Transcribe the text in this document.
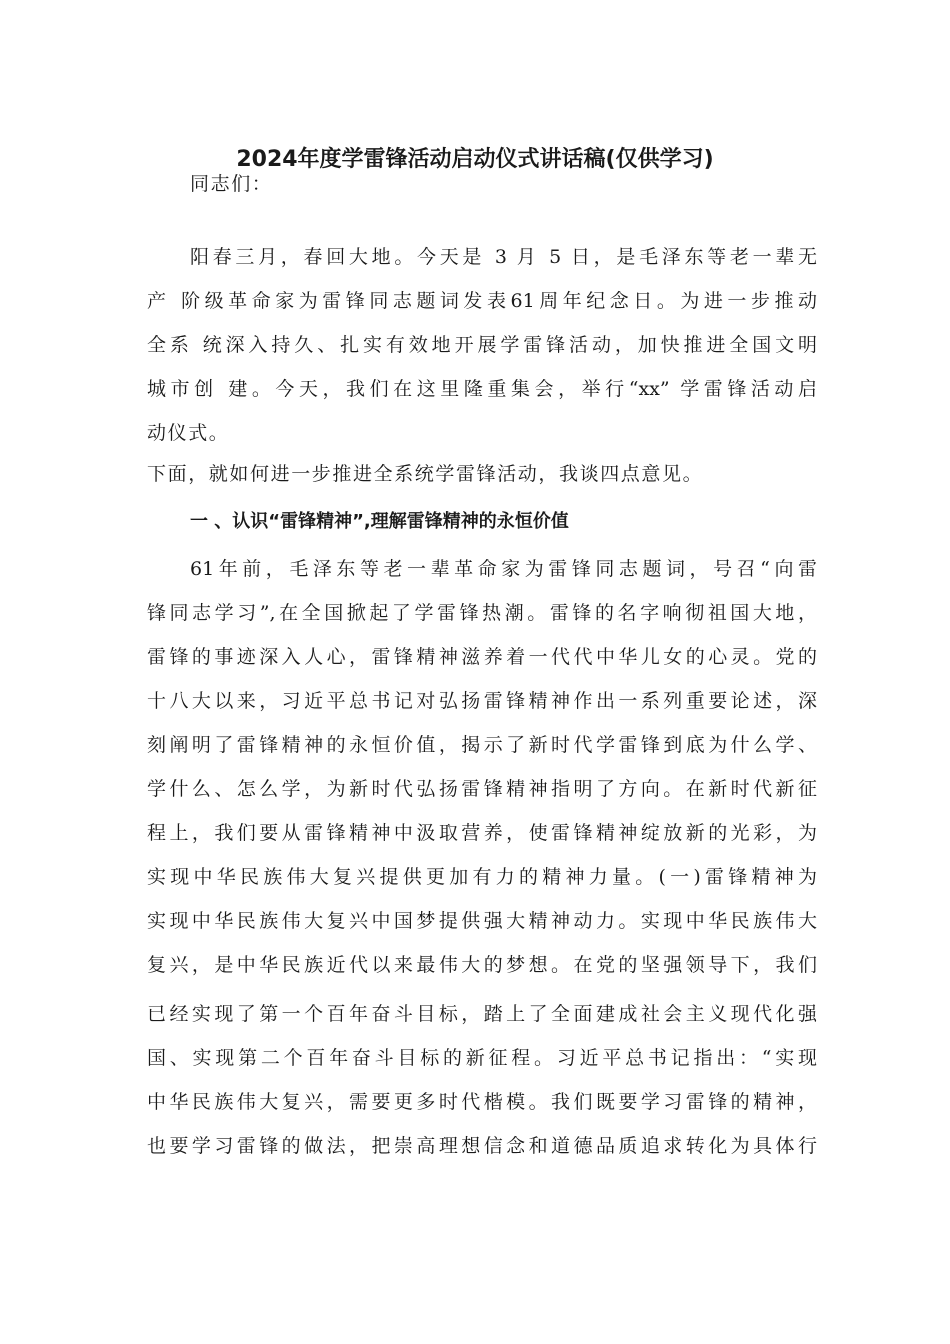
2024年度学雷锋活动启动仪式讲话稿(仅供学习)

同志们：

阳春三月，春回大地。今天是 3 月 5 日，是毛泽东等老一辈无

产 阶级革命家为雷锋同志题词发表61周年纪念日。为进一步推动

全系 统深入持久、扎实有效地开展学雷锋活动，加快推进全国文明

城市创 建。今天，我们在这里隆重集会，举行“xx” 学雷锋活动启

动仪式。

下面，就如何进一步推进全系统学雷锋活动，我谈四点意见。

一 、认识“雷锋精神”,理解雷锋精神的永恒价值

61年前，毛泽东等老一辈革命家为雷锋同志题词，号召“向雷

锋同志学习”,在全国掀起了学雷锋热潮。雷锋的名字响彻祖国大地，

雷锋的事迹深入人心，雷锋精神滋养着一代代中华儿女的心灵。党的

十八大以来，习近平总书记对弘扬雷锋精神作出一系列重要论述，深

刻阐明了雷锋精神的永恒价值，揭示了新时代学雷锋到底为什么学、

学什么、怎么学，为新时代弘扬雷锋精神指明了方向。在新时代新征

程上，我们要从雷锋精神中汲取营养，使雷锋精神绽放新的光彩，为

实现中华民族伟大复兴提供更加有力的精神力量。(一)雷锋精神为

实现中华民族伟大复兴中国梦提供强大精神动力。实现中华民族伟大

复兴，是中华民族近代以来最伟大的梦想。在党的坚强领导下，我们

已经实现了第一个百年奋斗目标，踏上了全面建成社会主义现代化强

国、实现第二个百年奋斗目标的新征程。习近平总书记指出：“实现

中华民族伟大复兴，需要更多时代楷模。我们既要学习雷锋的精神，

也要学习雷锋的做法，把崇高理想信念和道德品质追求转化为具体行
